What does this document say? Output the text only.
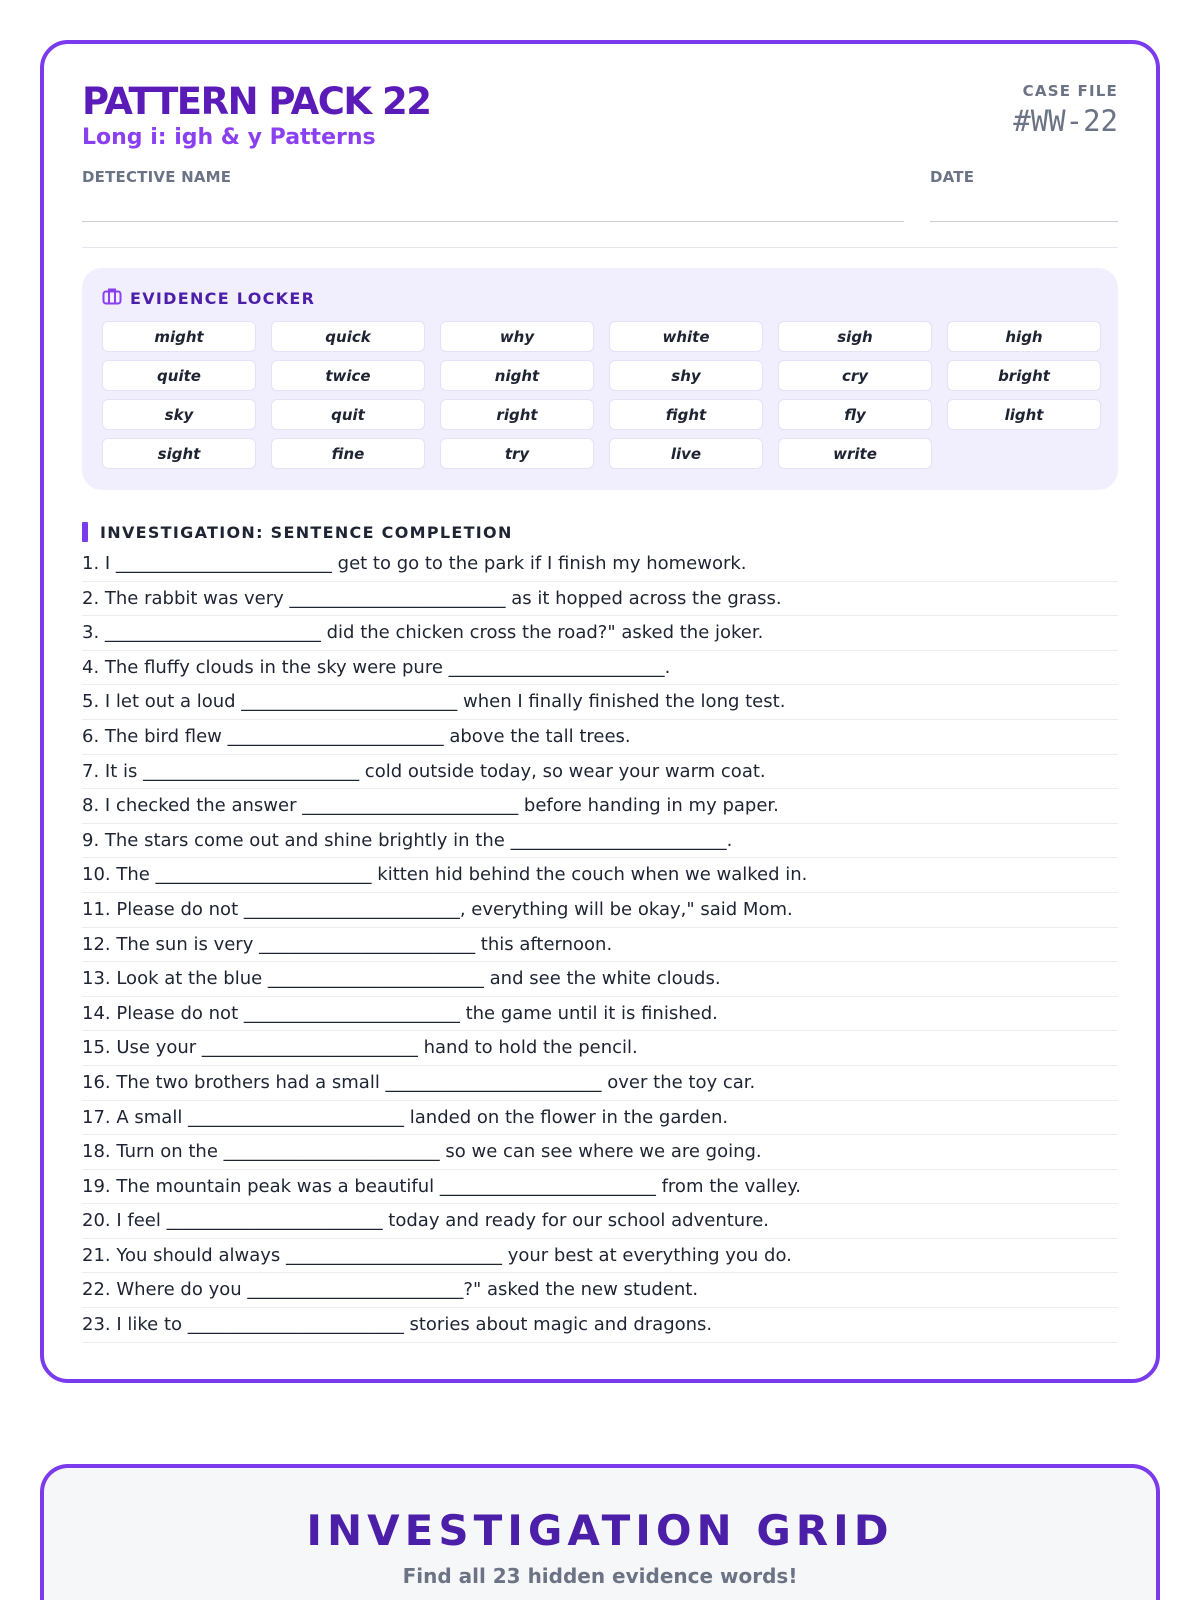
PATTERN PACK 22

Long i: igh & y Patterns

CASE FILE
#WW-22
DETECTIVE NAME	DATE
EVIDENCE LOCKER
might	quick	why	white	sigh	high
quite	twice	night	shy	cry	bright
sky	quit	right	fight	fly	light
sight	fine	try	live	write
INVESTIGATION: SENTENCE COMPLETION
1. I ________________________ get to go to the park if I finish my homework.
2. The rabbit was very ________________________ as it hopped across the grass.
3. ________________________ did the chicken cross the road?" asked the joker.
4. The fluffy clouds in the sky were pure ________________________.
5. I let out a loud ________________________ when I finally finished the long test.
6. The bird flew ________________________ above the tall trees.
7. It is ________________________ cold outside today, so wear your warm coat.
8. I checked the answer ________________________ before handing in my paper.
9. The stars come out and shine brightly in the ________________________.
10. The ________________________ kitten hid behind the couch when we walked in.
11. Please do not ________________________, everything will be okay," said Mom.
12. The sun is very ________________________ this afternoon.
13. Look at the blue ________________________ and see the white clouds.
14. Please do not ________________________ the game until it is finished.
15. Use your ________________________ hand to hold the pencil.
16. The two brothers had a small ________________________ over the toy car.
17. A small ________________________ landed on the flower in the garden.
18. Turn on the ________________________ so we can see where we are going.
19. The mountain peak was a beautiful ________________________ from the valley.
20. I feel ________________________ today and ready for our school adventure.
21. You should always ________________________ your best at everything you do.
22. Where do you ________________________?" asked the new student.
23. I like to ________________________ stories about magic and dragons.
INVESTIGATION GRID
Find all 23 hidden evidence words!
